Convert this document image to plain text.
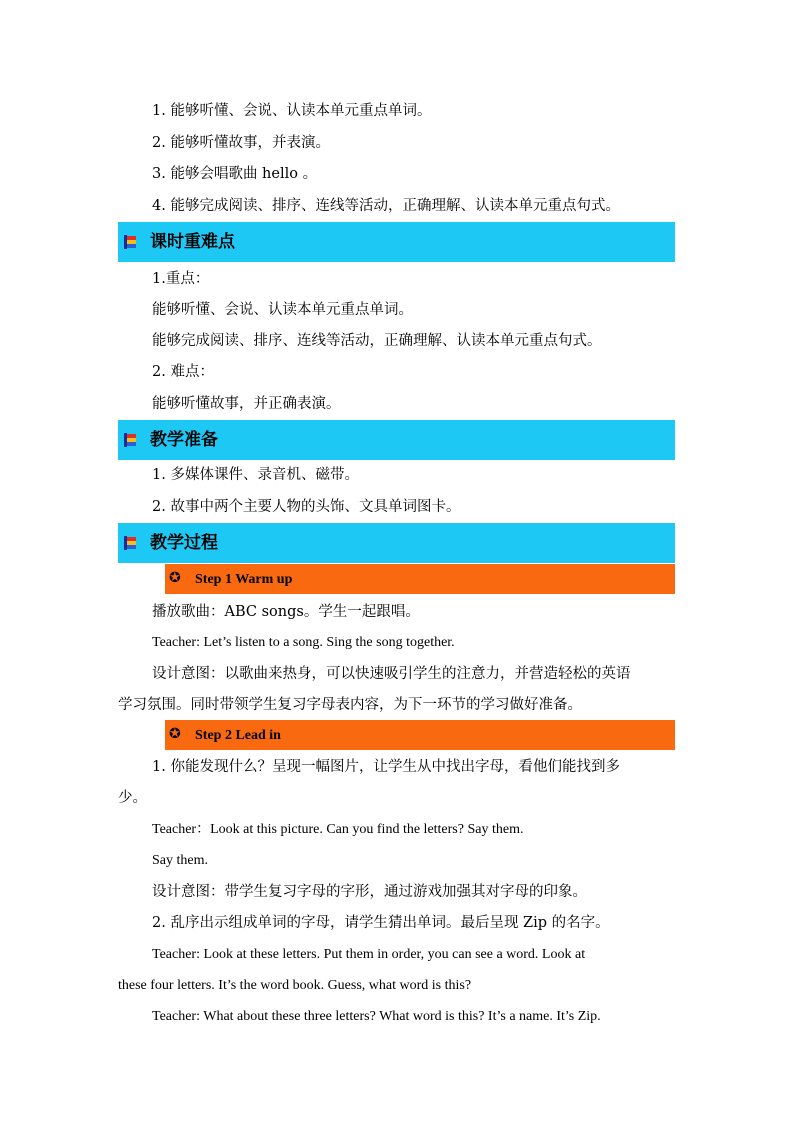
1. 能够听懂、会说、认读本单元重点单词。
2. 能够听懂故事，并表演。
3. 能够会唱歌曲 hello 。
4. 能够完成阅读、排序、连线等活动，正确理解、认读本单元重点句式。
课时重难点
1.重点：
能够听懂、会说、认读本单元重点单词。
能够完成阅读、排序、连线等活动，正确理解、认读本单元重点句式。
2. 难点：
能够听懂故事，并正确表演。
教学准备
1. 多媒体课件、录音机、磁带。
2. 故事中两个主要人物的头饰、文具单词图卡。
教学过程
✪ Step 1 Warm up
播放歌曲：ABC songs。学生一起跟唱。
Teacher: Let’s listen to a song. Sing the song together.
设计意图：以歌曲来热身，可以快速吸引学生的注意力，并营造轻松的英语
学习氛围。同时带领学生复习字母表内容，为下一环节的学习做好准备。
✪ Step 2 Lead in
1. 你能发现什么？呈现一幅图片，让学生从中找出字母，看他们能找到多
少。
Teacher：Look at this picture. Can you find the letters? Say them.
Say them.
设计意图：带学生复习字母的字形，通过游戏加强其对字母的印象。
2. 乱序出示组成单词的字母，请学生猜出单词。最后呈现 Zip 的名字。
Teacher: Look at these letters. Put them in order, you can see a word. Look at
these four letters. It’s the word book. Guess, what word is this?
Teacher: What about these three letters? What word is this? It’s a name. It’s Zip.
